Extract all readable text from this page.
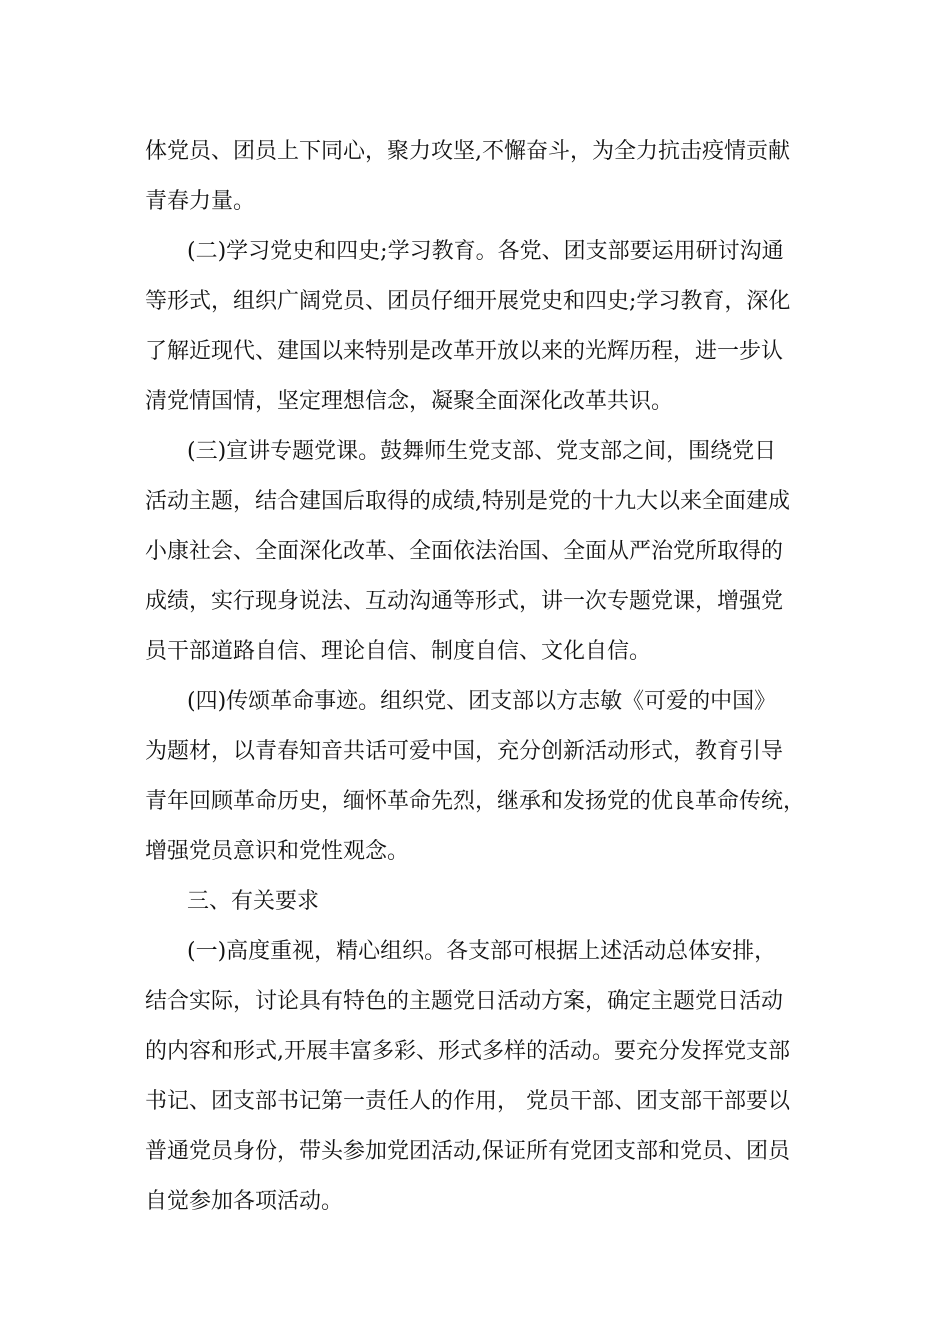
体党员、团员上下同心，聚力攻坚,不懈奋斗，为全力抗击疫情贡献
青春力量。
(二)学习党史和四史;学习教育。各党、团支部要运用研讨沟通
等形式，组织广阔党员、团员仔细开展党史和四史;学习教育，深化
了解近现代、建国以来特别是改革开放以来的光辉历程，进一步认
清党情国情，坚定理想信念，凝聚全面深化改革共识。
(三)宣讲专题党课。鼓舞师生党支部、党支部之间，围绕党日
活动主题，结合建国后取得的成绩,特别是党的十九大以来全面建成
小康社会、全面深化改革、全面依法治国、全面从严治党所取得的
成绩，实行现身说法、互动沟通等形式，讲一次专题党课，增强党
员干部道路自信、理论自信、制度自信、文化自信。
(四)传颂革命事迹。组织党、团支部以方志敏《可爱的中国》
为题材，以青春知音共话可爱中国，充分创新活动形式，教育引导
青年回顾革命历史，缅怀革命先烈，继承和发扬党的优良革命传统，
增强党员意识和党性观念。
三、有关要求
(一)高度重视，精心组织。各支部可根据上述活动总体安排，
结合实际，讨论具有特色的主题党日活动方案，确定主题党日活动
的内容和形式,开展丰富多彩、形式多样的活动。要充分发挥党支部
书记、团支部书记第一责任人的作用， 党员干部、团支部干部要以
普通党员身份，带头参加党团活动,保证所有党团支部和党员、团员
自觉参加各项活动。
